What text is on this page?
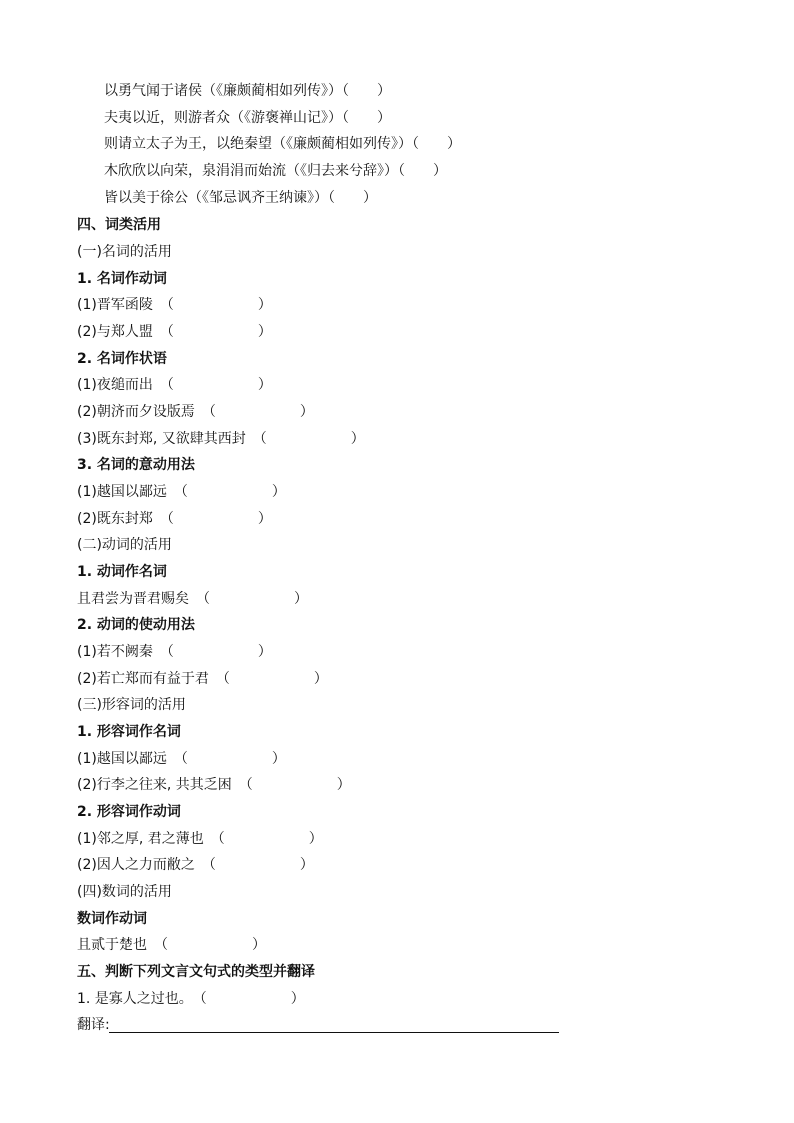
以勇气闻于诸侯（《廉颇蔺相如列传》）（　　）
夫夷以近，则游者众（《游褒禅山记》）（　　）
则请立太子为王，以绝秦望（《廉颇蔺相如列传》）（　　）
木欣欣以向荣，泉涓涓而始流（《归去来兮辞》）（　　）
皆以美于徐公（《邹忌讽齐王纳谏》）（　　）
四、词类活用
(一)名词的活用
1. 名词作动词
(1)晋军函陵　（　　　　　　）
(2)与郑人盟　（　　　　　　）
2. 名词作状语
(1)夜缒而出　（　　　　　　）
(2)朝济而夕设版焉　（　　　　　　）
(3)既东封郑, 又欲肆其西封　（　　　　　　）
3. 名词的意动用法
(1)越国以鄙远　（　　　　　　）
(2)既东封郑　（　　　　　　）
(二)动词的活用
1. 动词作名词
且君尝为晋君赐矣　（　　　　　　）
2. 动词的使动用法
(1)若不阙秦　（　　　　　　）
(2)若亡郑而有益于君　（　　　　　　）
(三)形容词的活用
1. 形容词作名词
(1)越国以鄙远　（　　　　　　）
(2)行李之往来, 共其乏困　（　　　　　　）
2. 形容词作动词
(1)邻之厚, 君之薄也　（　　　　　　）
(2)因人之力而敝之　（　　　　　　）
(四)数词的活用
数词作动词
且贰于楚也　（　　　　　　）
五、判断下列文言文句式的类型并翻译
1. 是寡人之过也。　（　　　　　　）
翻译:
